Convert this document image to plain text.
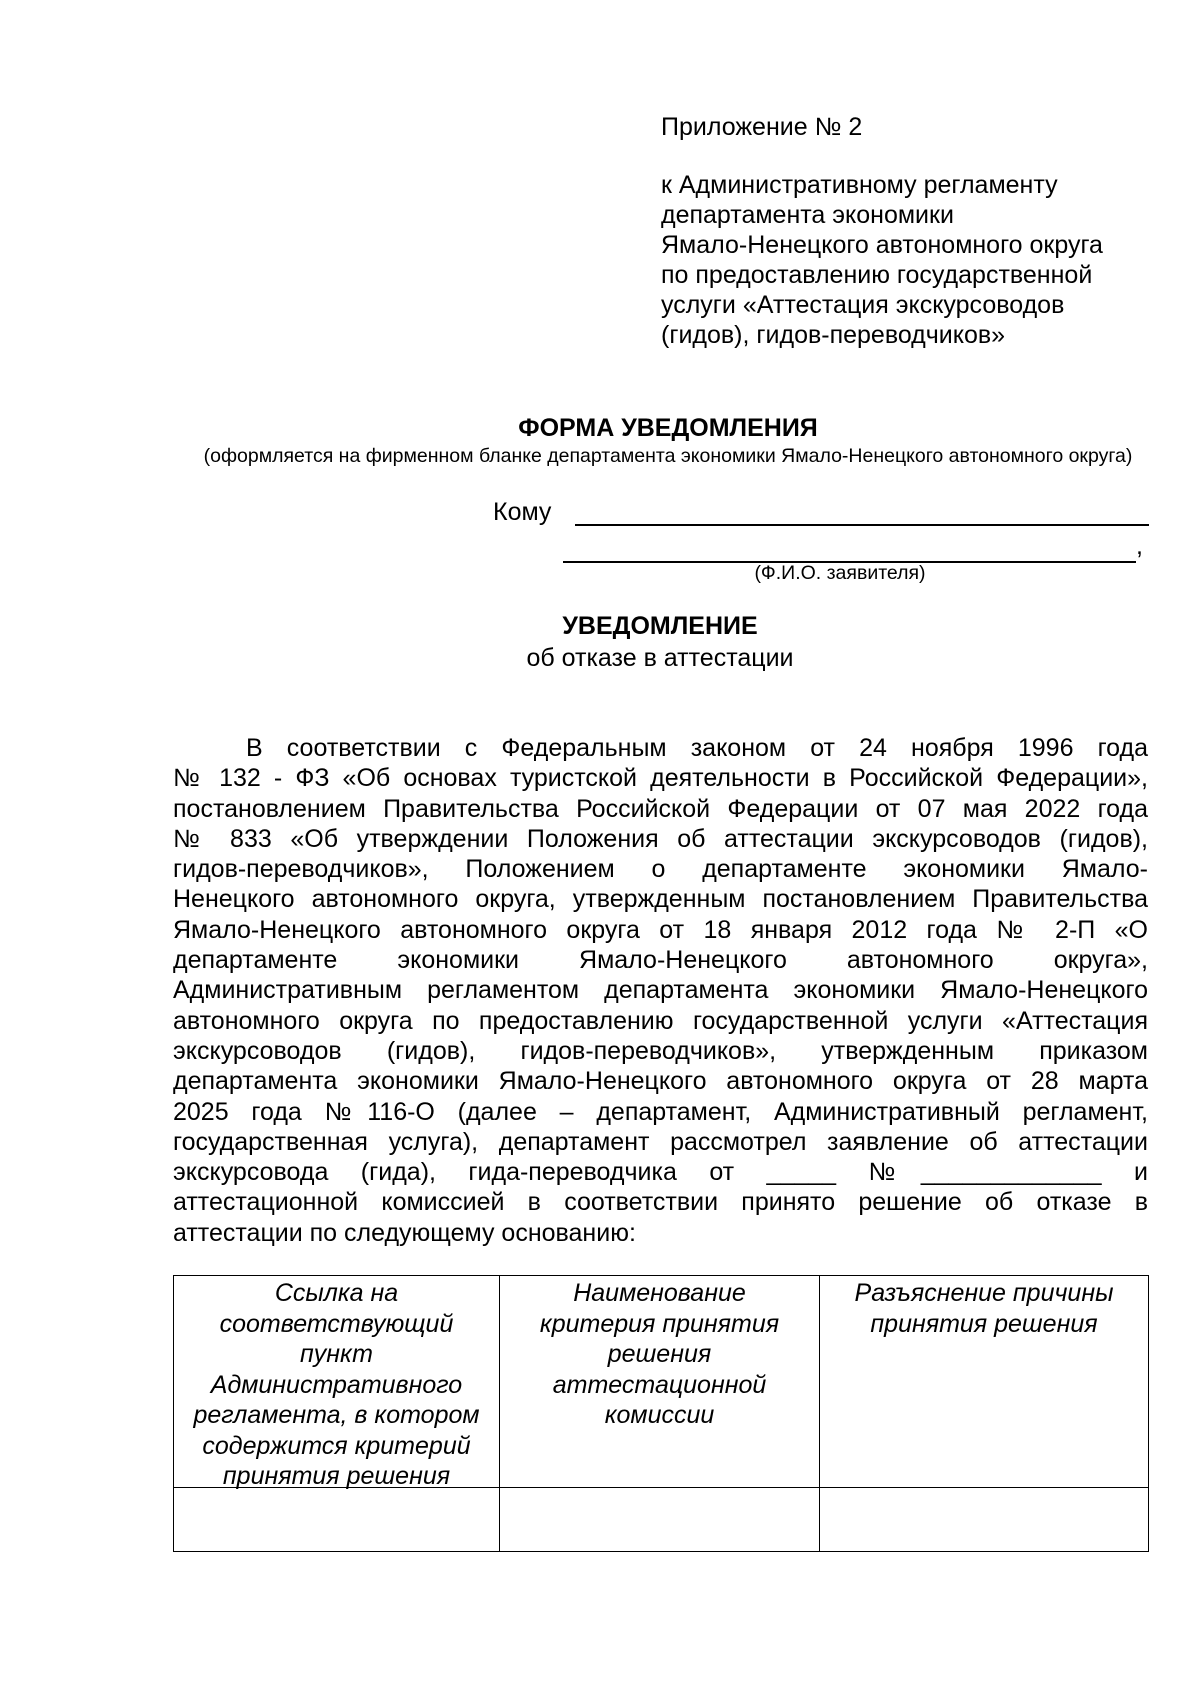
Приложение № 2
к Административному регламенту
департамента экономики
Ямало-Ненецкого автономного округа
по предоставлению государственной
услуги «Аттестация экскурсоводов
(гидов), гидов-переводчиков»
ФОРМА УВЕДОМЛЕНИЯ
(оформляется на фирменном бланке департамента экономики Ямало-Ненецкого автономного округа)
Кому
,
(Ф.И.О. заявителя)
УВЕДОМЛЕНИЕ
об отказе в аттестации
В соответствии с Федеральным законом от 24 ноября 1996 года
№ 132 - ФЗ «Об основах туристской деятельности в Российской Федерации»,
постановлением Правительства Российской Федерации от 07 мая 2022 года
№ 833 «Об утверждении Положения об аттестации экскурсоводов (гидов),
гидов-переводчиков», Положением о департаменте экономики Ямало-
Ненецкого автономного округа, утвержденным постановлением Правительства
Ямало-Ненецкого автономного округа от 18 января 2012 года № 2-П «О
департаменте экономики Ямало-Ненецкого автономного округа»,
Административным регламентом департамента экономики Ямало-Ненецкого
автономного округа по предоставлению государственной услуги «Аттестация
экскурсоводов (гидов), гидов-переводчиков», утвержденным приказом
департамента экономики Ямало-Ненецкого автономного округа от 28 марта
2025 года №116-О (далее – департамент, Административный регламент,
государственная услуга), департамент рассмотрел заявление об аттестации
экскурсовода (гида), гида-переводчика от _____ №_____________ и
аттестационной комиссией в соответствии принято решение об отказе в
аттестации по следующему основанию:
Ссылка на
соответствующий
пункт
Административного
регламента, в котором
содержится критерий
принятия решения
Наименование
критерия принятия
решения
аттестационной
комиссии
Разъяснение причины
принятия решения
